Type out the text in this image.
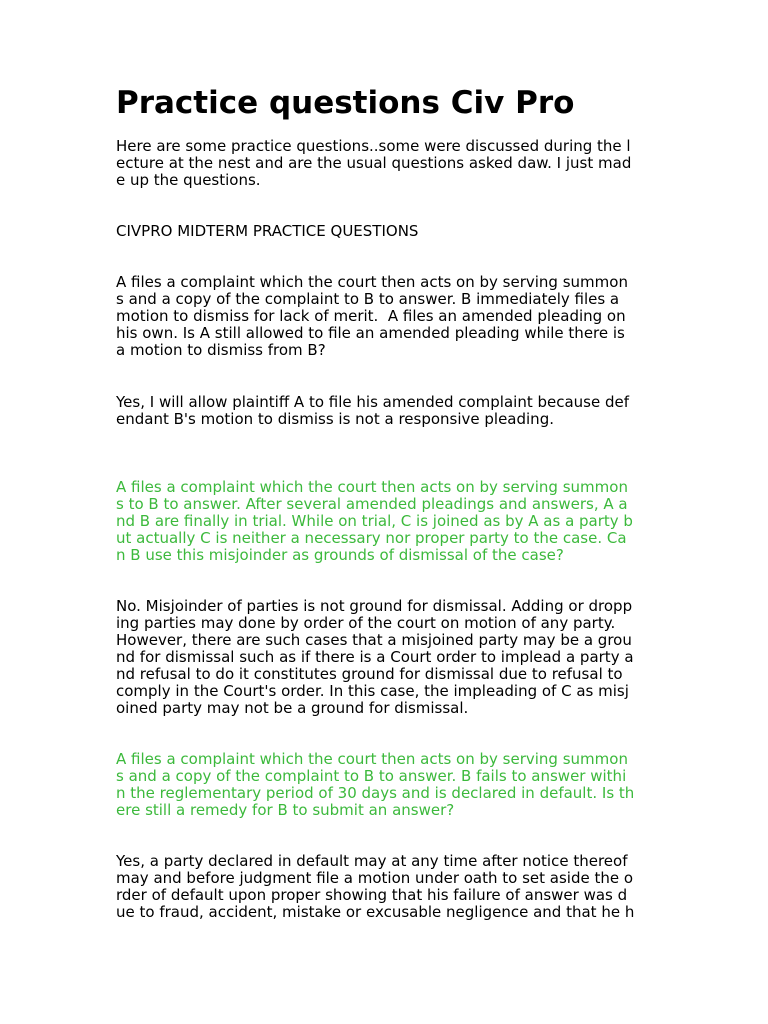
Practice questions Civ Pro

Here are some practice questions..some were discussed during the l

ecture at the nest and are the usual questions asked daw. I just mad

e up the questions.

CIVPRO MIDTERM PRACTICE QUESTIONS

A files a complaint which the court then acts on by serving summon

s and a copy of the complaint to B to answer. B immediately files a

motion to dismiss for lack of merit.  A files an amended pleading on

his own. Is A still allowed to file an amended pleading while there is

a motion to dismiss from B?

Yes, I will allow plaintiff A to file his amended complaint because def

endant B's motion to dismiss is not a responsive pleading.

A files a complaint which the court then acts on by serving summon

s to B to answer. After several amended pleadings and answers, A a

nd B are finally in trial. While on trial, C is joined as by A as a party b

ut actually C is neither a necessary nor proper party to the case. Ca

n B use this misjoinder as grounds of dismissal of the case?

No. Misjoinder of parties is not ground for dismissal. Adding or dropp

ing parties may done by order of the court on motion of any party.

However, there are such cases that a misjoined party may be a grou

nd for dismissal such as if there is a Court order to implead a party a

nd refusal to do it constitutes ground for dismissal due to refusal to

comply in the Court's order. In this case, the impleading of C as misj

oined party may not be a ground for dismissal.

A files a complaint which the court then acts on by serving summon

s and a copy of the complaint to B to answer. B fails to answer withi

n the reglementary period of 30 days and is declared in default. Is th

ere still a remedy for B to submit an answer?

Yes, a party declared in default may at any time after notice thereof

may and before judgment file a motion under oath to set aside the o

rder of default upon proper showing that his failure of answer was d

ue to fraud, accident, mistake or excusable negligence and that he h
